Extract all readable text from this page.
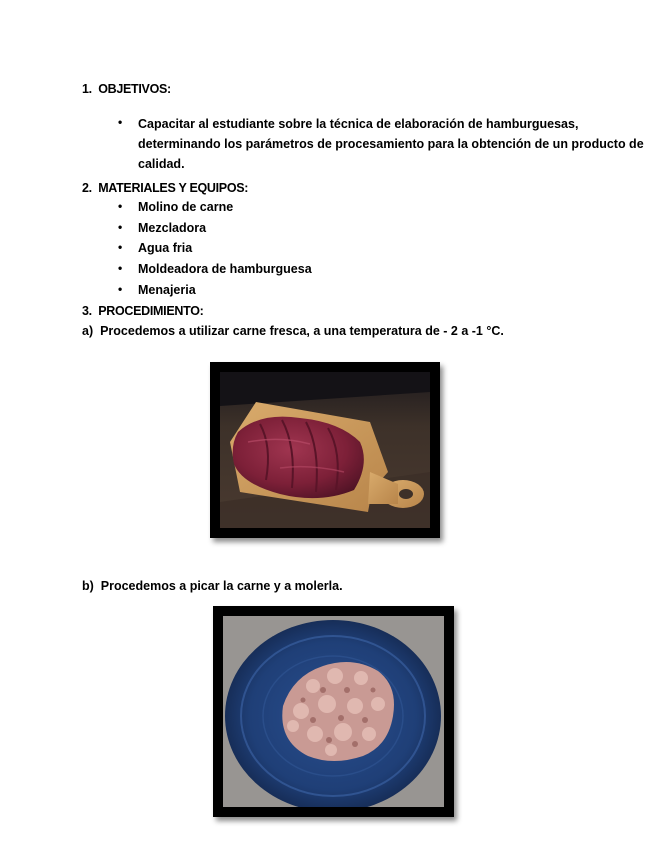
1. OBJETIVOS:
• Capacitar al estudiante sobre la técnica de elaboración de hamburguesas, determinando los parámetros de procesamiento para la obtención de un producto de calidad.
2. MATERIALES Y EQUIPOS:
• Molino de carne
• Mezcladora
• Agua fria
• Moldeadora de hamburguesa
• Menajeria
3. PROCEDIMIENTO:
a) Procedemos a utilizar carne fresca, a una temperatura de - 2 a -1 °C.
b) Procedemos a picar la carne y a molerla.
